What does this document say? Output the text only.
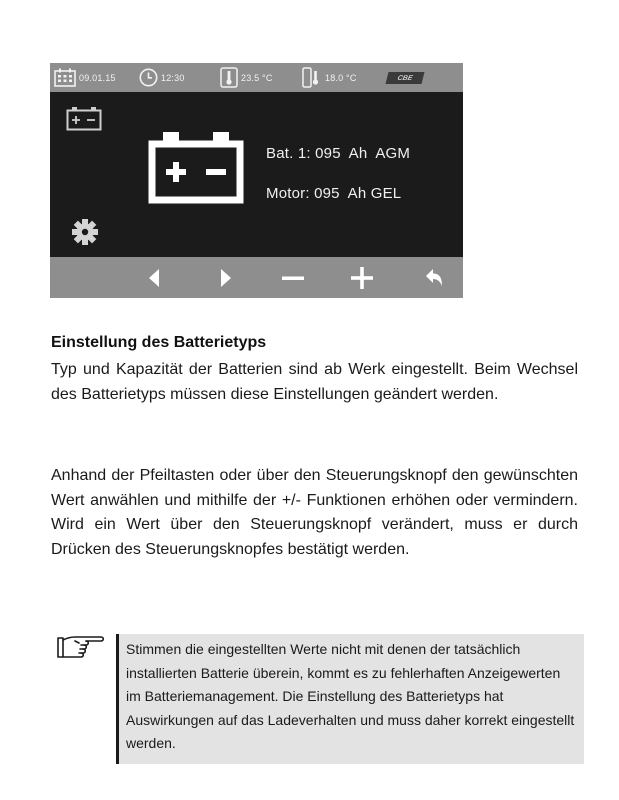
09.01.15	12:30	23.5 °C	18.0 °C	CBE
Bat. 1: 095  Ah  AGM
Motor: 095  Ah GEL
Einstellung des Batterietyps

Typ und Kapazität der Batterien sind ab Werk eingestellt. Beim Wechsel des Batterietyps müssen diese Einstellungen geändert werden.

Anhand der Pfeiltasten oder über den Steuerungsknopf den gewünschten Wert anwählen und mithilfe der +/- Funktionen erhöhen oder vermindern. Wird ein Wert über den Steuerungsknopf verändert, muss er durch Drücken des Steuerungsknopfes bestätigt werden.

Stimmen die eingestellten Werte nicht mit denen der tatsächlich installierten Batterie überein, kommt es zu fehlerhaften Anzeigewerten im Batteriemanagement. Die Einstellung des Batterietyps hat Auswirkungen auf das Ladeverhalten und muss daher korrekt eingestellt werden.
